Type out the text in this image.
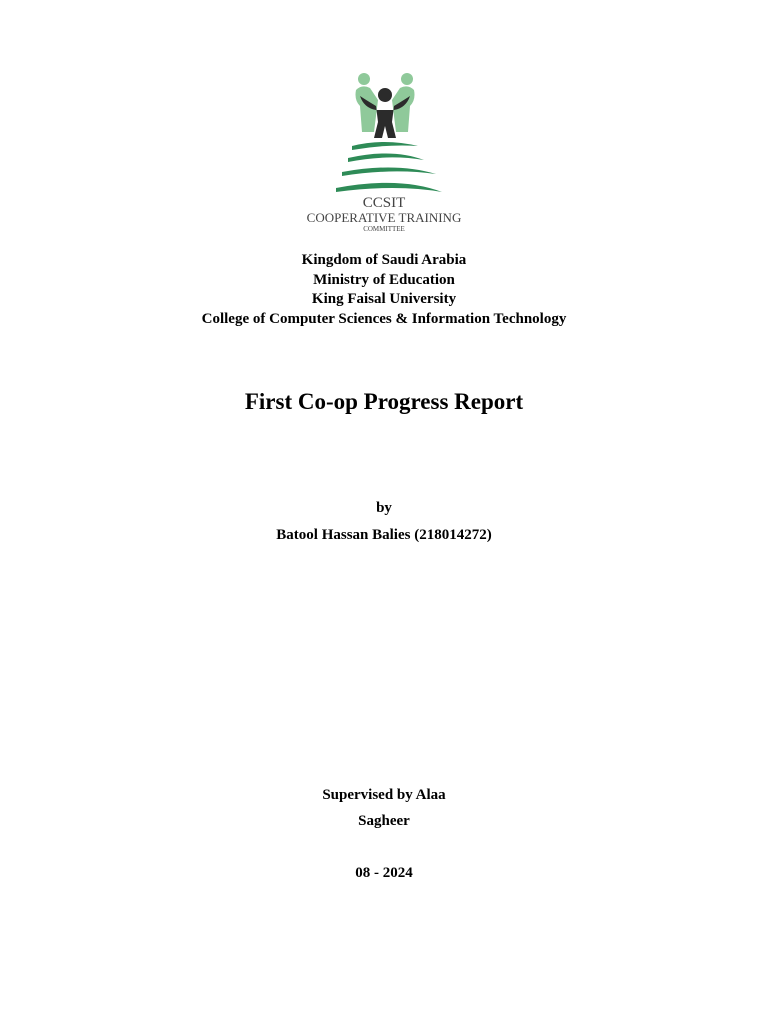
CCSIT
COOPERATIVE TRAINING
COMMITTEE
Kingdom of Saudi Arabia
Ministry of Education
King Faisal University
College of Computer Sciences & Information Technology
First Co-op Progress Report
by
Batool Hassan Balies (218014272)
Supervised by Alaa
Sagheer
08 - 2024
